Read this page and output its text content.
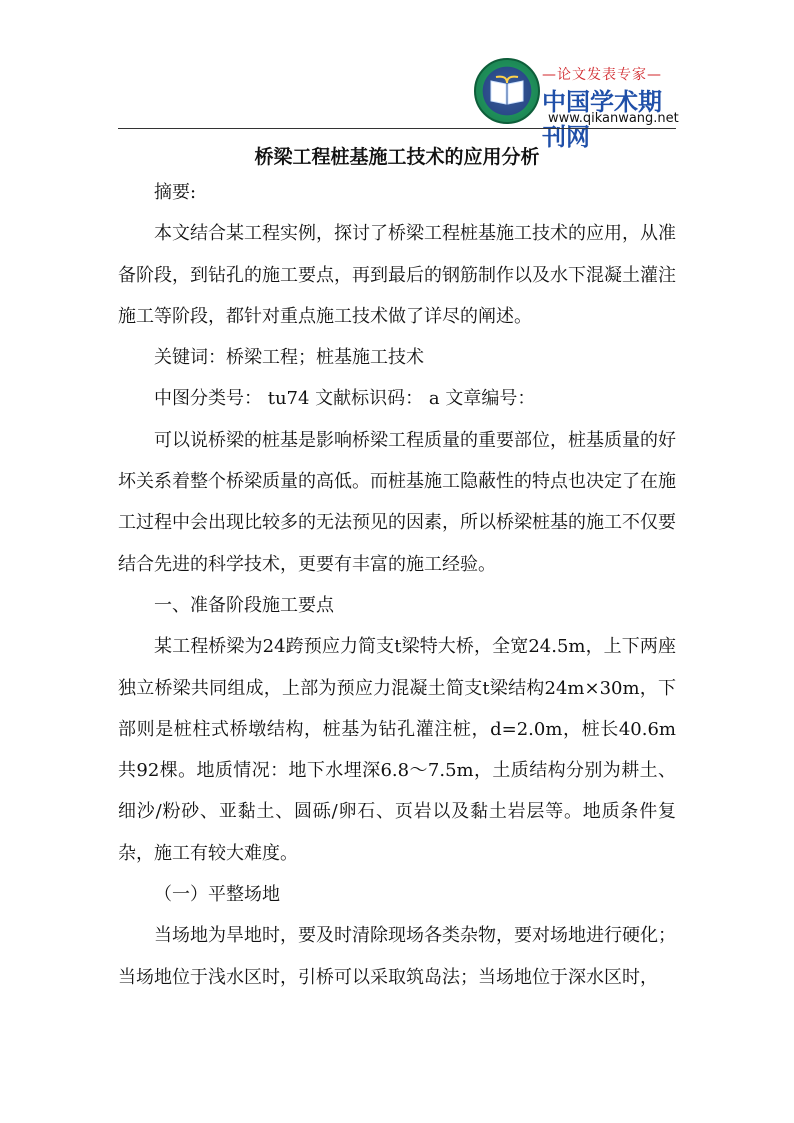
—论文发表专家—
中国学术期刊网
www.qikanwang.net
桥梁工程桩基施工技术的应用分析

摘要:

本文结合某工程实例，探讨了桥梁工程桩基施工技术的应用，从准备阶段，到钻孔的施工要点，再到最后的钢筋制作以及水下混凝土灌注施工等阶段，都针对重点施工技术做了详尽的阐述。

关键词：桥梁工程；桩基施工技术

中图分类号： tu74 文献标识码： a 文章编号：

可以说桥梁的桩基是影响桥梁工程质量的重要部位，桩基质量的好坏关系着整个桥梁质量的高低。而桩基施工隐蔽性的特点也决定了在施工过程中会出现比较多的无法预见的因素，所以桥梁桩基的施工不仅要结合先进的科学技术，更要有丰富的施工经验。

一、准备阶段施工要点

某工程桥梁为24跨预应力简支t梁特大桥，全宽24.5m，上下两座独立桥梁共同组成，上部为预应力混凝土简支t梁结构24m×30m，下部则是桩柱式桥墩结构，桩基为钻孔灌注桩，d=2.0m，桩长40.6m共92棵。地质情况：地下水埋深6.8～7.5m，土质结构分别为耕土、细沙/粉砂、亚黏土、圆砾/卵石、页岩以及黏土岩层等。地质条件复杂，施工有较大难度。

（一）平整场地

当场地为旱地时，要及时清除现场各类杂物，要对场地进行硬化；当场地位于浅水区时，引桥可以采取筑岛法；当场地位于深水区时，
